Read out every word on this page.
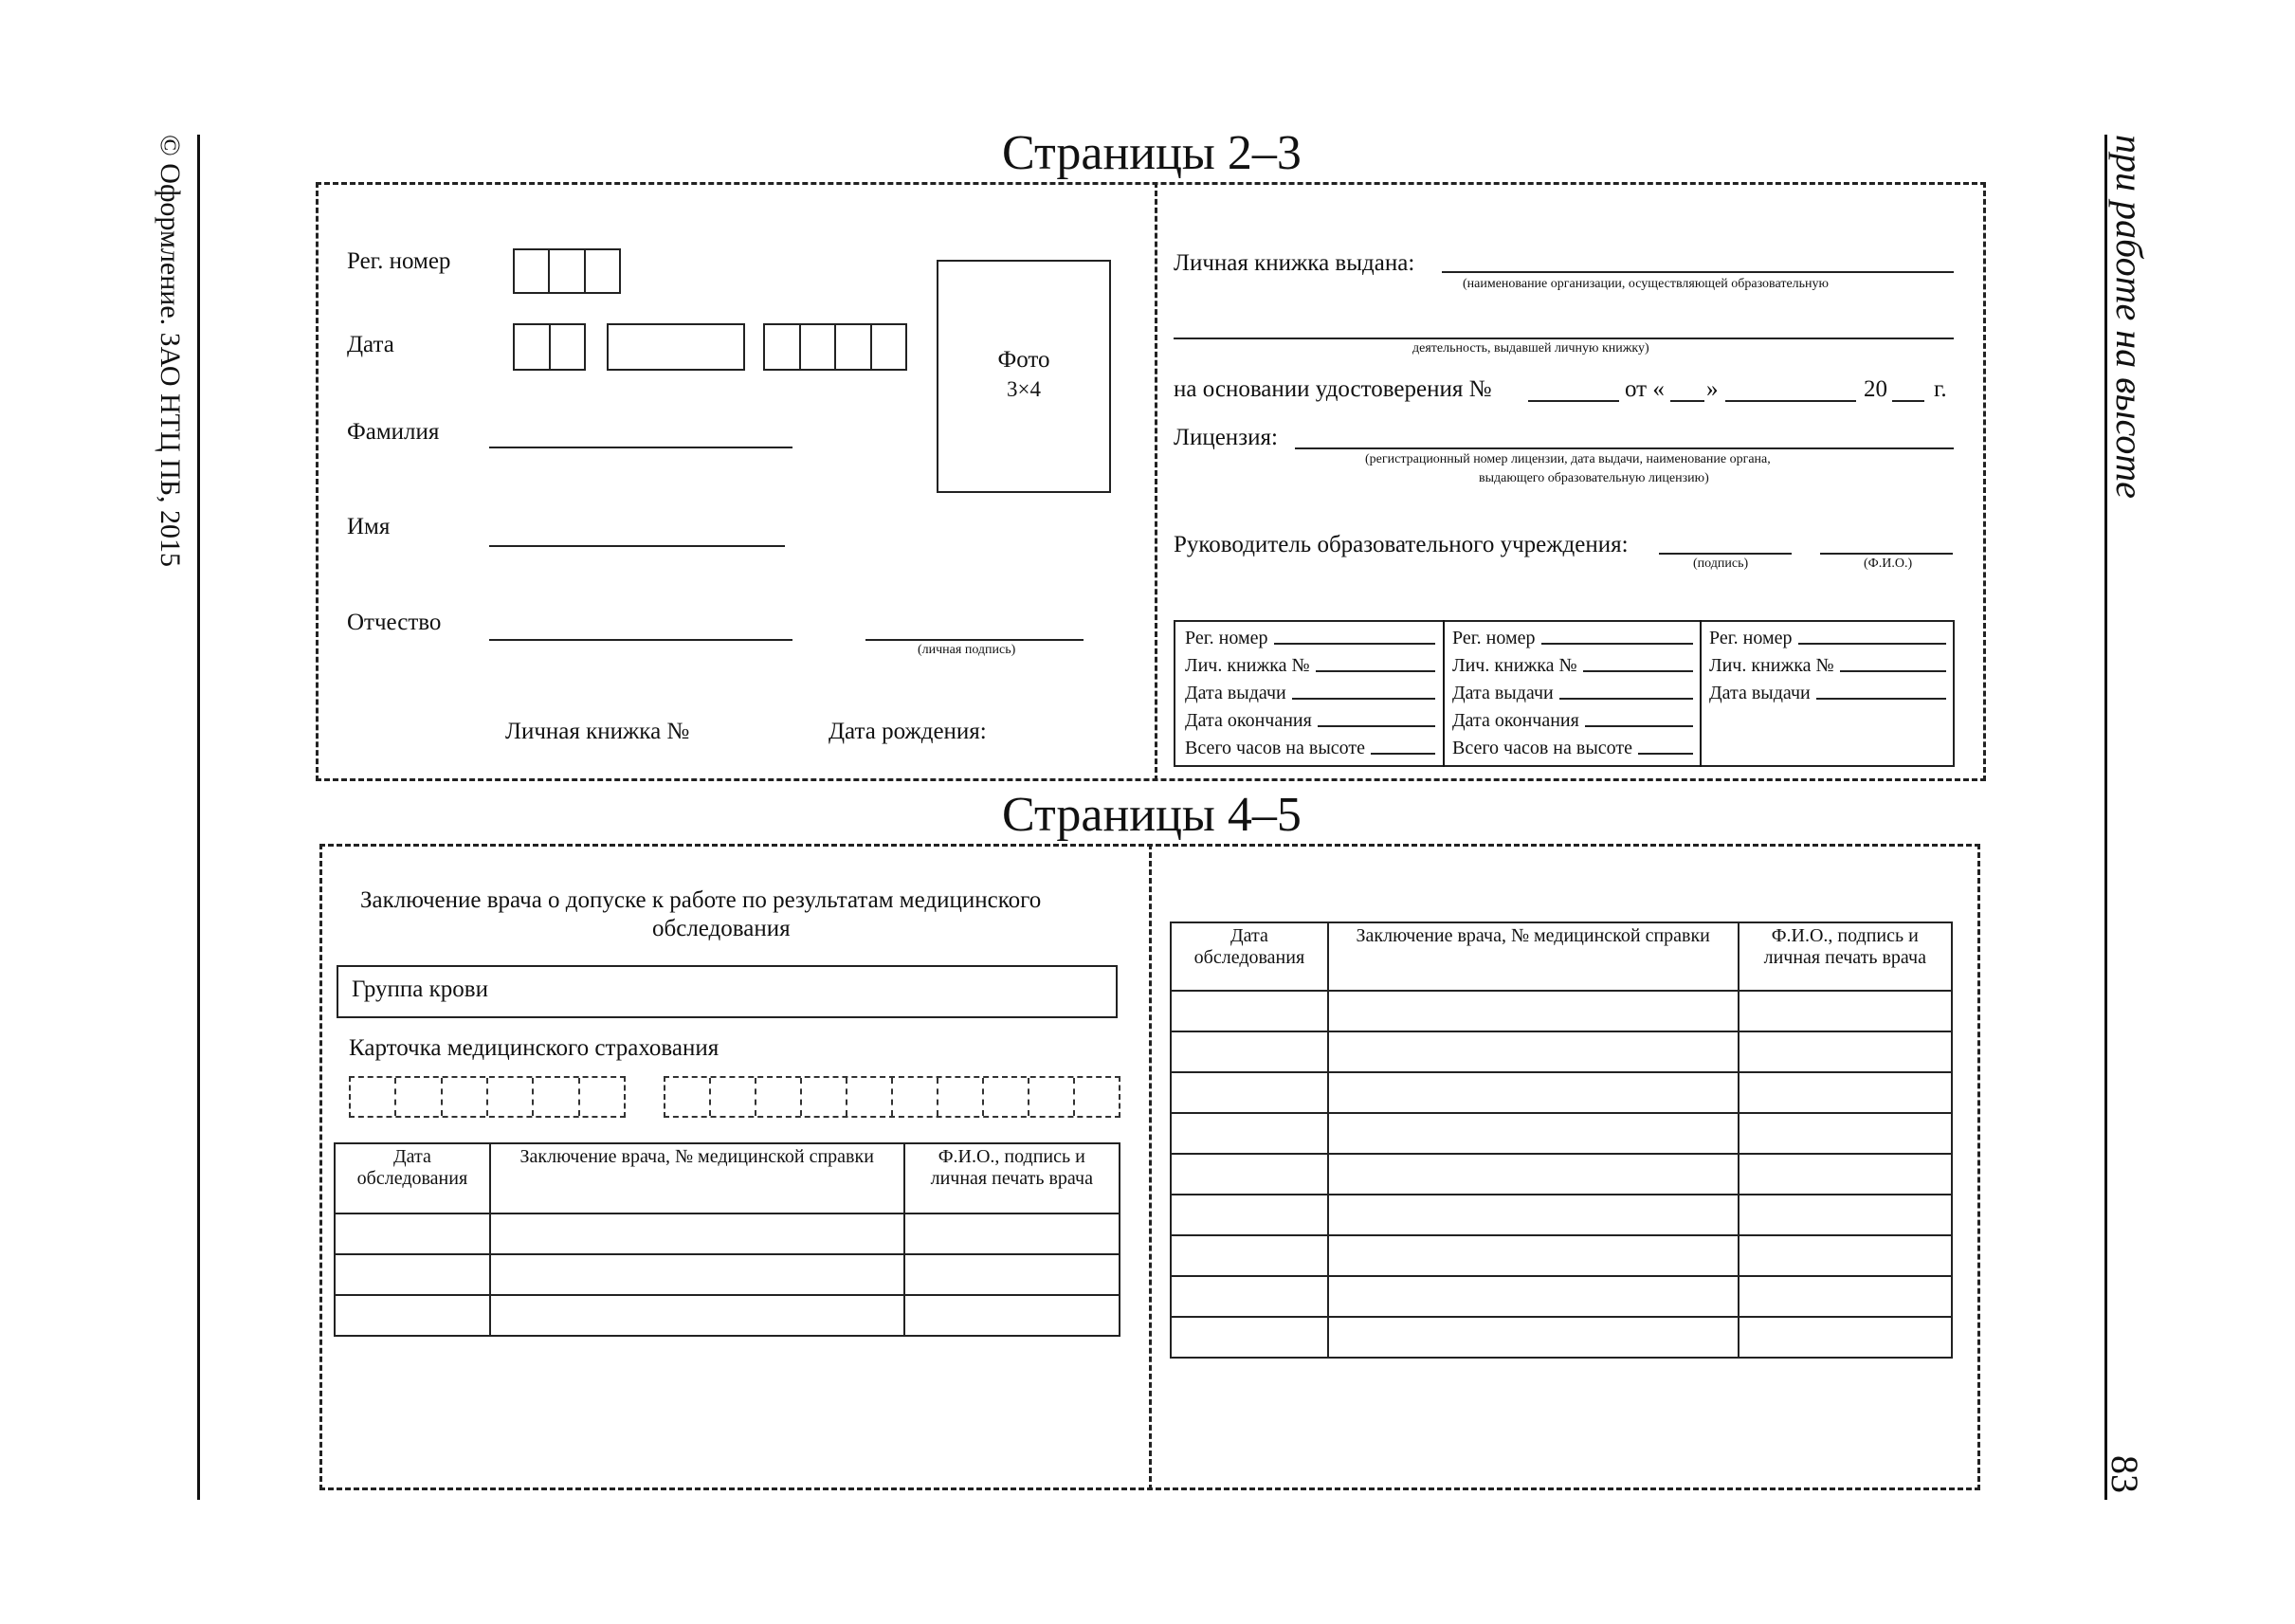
© Оформление. ЗАО НТЦ ПБ, 2015	при работе на высоте
83
Страницы 2–3
Рег. номер
Дата
Фамилия
Имя
Отчество
Фото
3×4
(личная подпись)
Личная книжка №	Дата рождения:
Личная книжка выдана:
(наименование организации, осуществляющей образовательную
деятельность, выдавшей личную книжку)
на основании удостоверения №	от « »	20 г.
Лицензия:
(регистрационный номер лицензии, дата выдачи, наименование органа,
выдающего образовательную лицензию)
Руководитель образовательного учреждения:
(подпись)	(Ф.И.О.)
Рег. номер
Лич. книжка №
Дата выдачи
Дата окончания
Всего часов на высоте
Рег. номер
Лич. книжка №
Дата выдачи
Дата окончания
Всего часов на высоте
Рег. номер
Лич. книжка №
Дата выдачи
Страницы 4–5
Заключение врача о допуске к работе по результатам медицинского
обследования
Группа крови
Карточка медицинского страхования
Дата обследования	Заключение врача, № медицинской справки	Ф.И.О., подпись и личная печать врача

Дата обследования	Заключение врача, № медицинской справки	Ф.И.О., подпись и личная печать врача
